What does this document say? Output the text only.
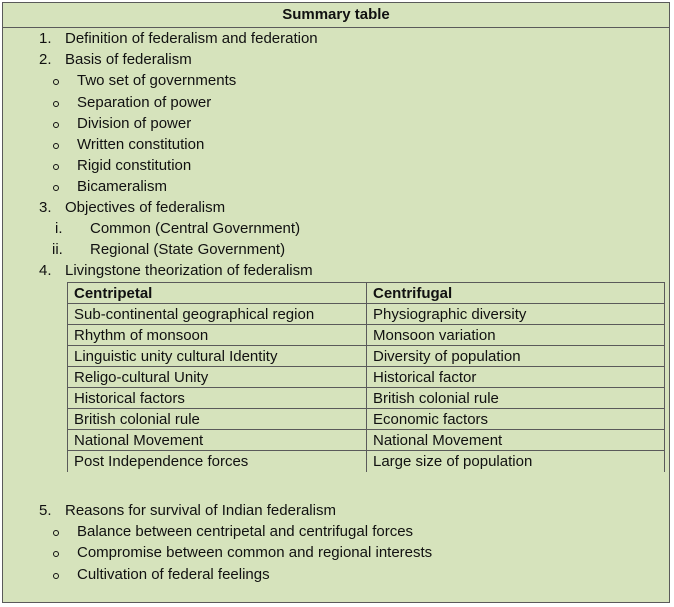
Summary table
1. Definition of federalism and federation
2. Basis of federalism
Two set of governments
Separation of power
Division of power
Written constitution
Rigid constitution
Bicameralism
3. Objectives of federalism
i. Common (Central Government)
ii. Regional (State Government)
4. Livingstone theorization of federalism
Centripetal	Centrifugal
Sub-continental geographical region	Physiographic diversity
Rhythm of monsoon	Monsoon variation
Linguistic unity cultural Identity	Diversity of population
Religo-cultural Unity	Historical factor
Historical factors	British colonial rule
British colonial rule	Economic factors
National Movement	National Movement
Post Independence forces	Large size of population
5. Reasons for survival of Indian federalism
Balance between centripetal and centrifugal forces
Compromise between common and regional interests
Cultivation of federal feelings
